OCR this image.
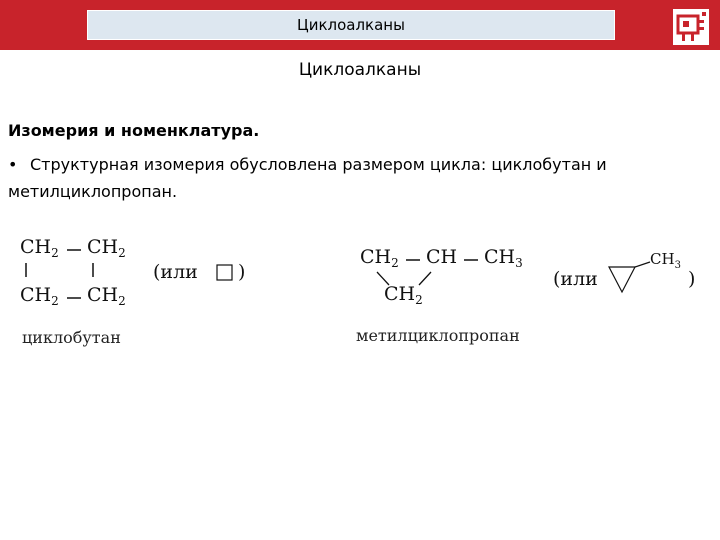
Циклоалканы
Циклоалканы
Изомерия и номенклатура.
• Структурная изомерия обусловлена размером цикла: циклобутан и метилциклопропан.
$CH_2$ $CH_2$
$CH_2$ $CH_2$
(или )
циклобутан
$CH_2$ CH $CH_3$
$CH_2$
(или
$CH_3$
)
метилциклопропан
